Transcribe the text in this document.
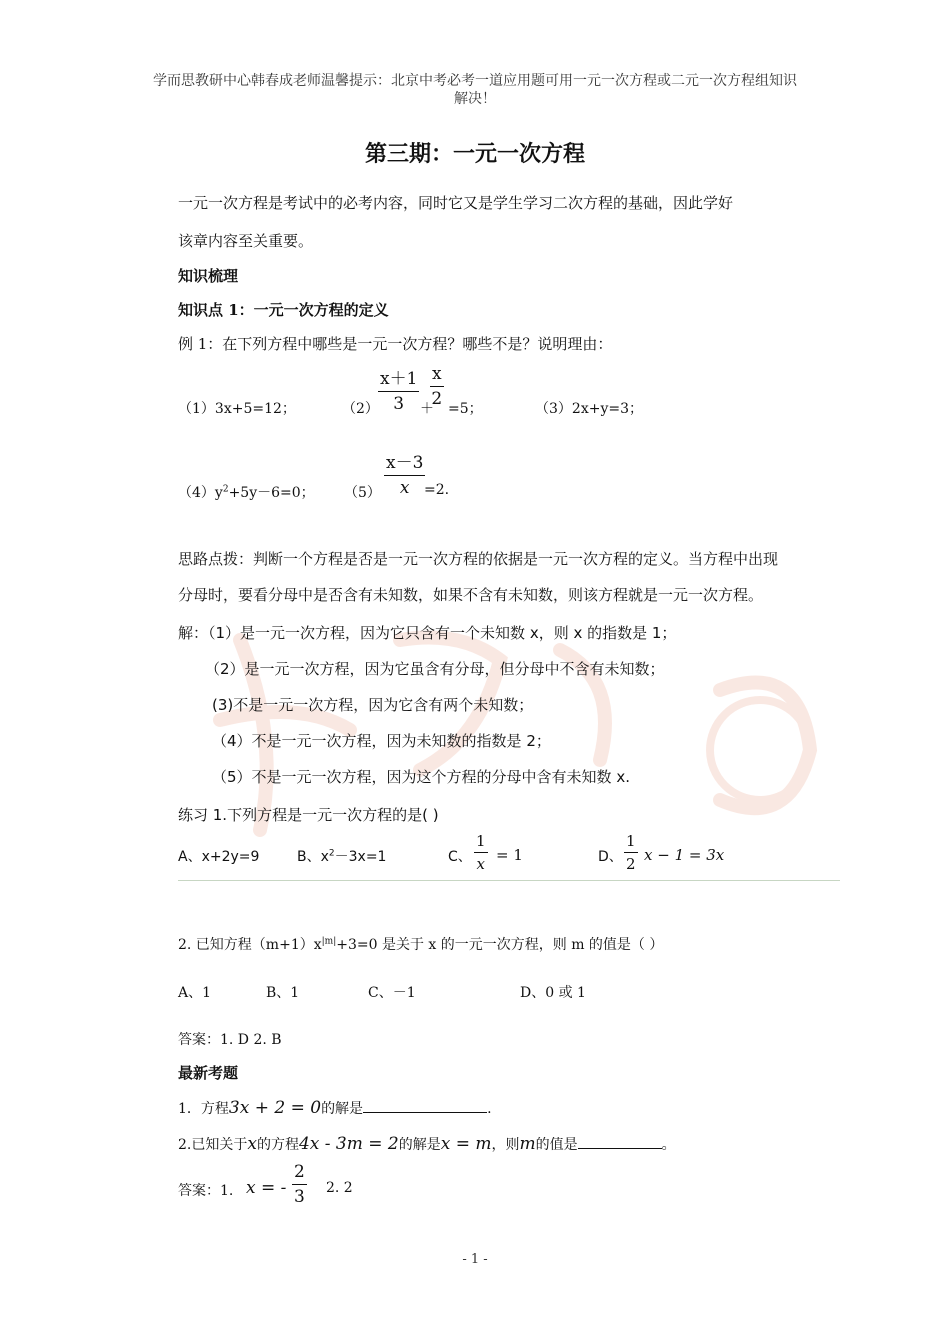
学而思教研中心韩春成老师温馨提示：北京中考必考一道应用题可用一元一次方程或二元一次方程组知识
解决！
第三期：一元一次方程
一元一次方程是考试中的必考内容，同时它又是学生学习二次方程的基础，因此学好
该章内容至关重要。
知识梳理
知识点 1：一元一次方程的定义
例 1：在下列方程中哪些是一元一次方程？哪些不是？说明理由：
（1）3x+5=12；	$(2) \frac{x+1}{3}$ ＋
$\frac{x}{2} =5$；	（3）2x+y=3；
$(4)y^2+5y-6=0$； $(5) \frac{x-3}{x}$
=2.
思路点拨：判断一个方程是否是一元一次方程的依据是一元一次方程的定义。当方程中出现
分母时，要看分母中是否含有未知数，如果不含有未知数，则该方程就是一元一次方程。
解：（1）是一元一次方程，因为它只含有一个未知数 x，则 x 的指数是 1；
（2）是一元一次方程，因为它虽含有分母，但分母中不含有未知数；
(3)不是一元一次方程，因为它含有两个未知数；
（4）不是一元一次方程，因为未知数的指数是 2；
（5）不是一元一次方程，因为这个方程的分母中含有未知数 x.
练习 1.下列方程是一元一次方程的是( )
A、x+2y=9	B、$x^2-3x=1$	C、 $\frac{1}{x} = 1$	D、 $\frac{1}{2}$ x − 1 = 3x
2. 已知方程$(m+1)x^{|m|}+3=0$ 是关于 x 的一元一次方程，则 m 的值是（ ）
A、1	B、1	C、－1	D、0 或 1
答案：1. D 2. B
最新考题
1．方程3x + 2 = 0的解是	.
2.已知关于x的方程4x - 3m = 2的解是x = m，则m的值是	。
答案：1. x = - $\frac{2}{3} 2$. 2
- 1 -
